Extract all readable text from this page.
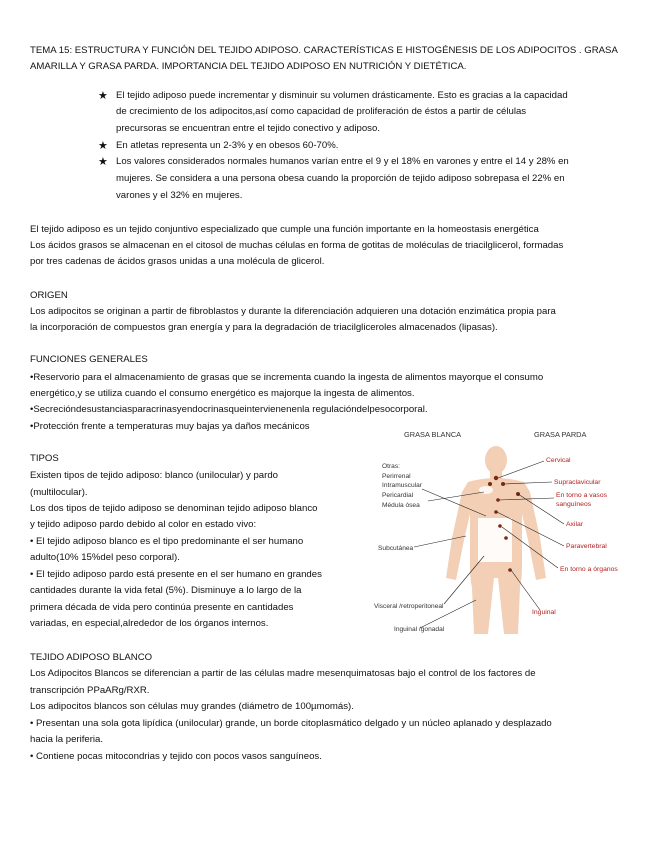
TEMA 15: ESTRUCTURA Y FUNCIÓN DEL TEJIDO ADIPOSO. CARACTERÍSTICAS E HISTOGÉNESIS DE LOS ADIPOCITOS . GRASA
AMARILLA Y GRASA PARDA. IMPORTANCIA DEL TEJIDO ADIPOSO EN NUTRICIÓN Y DIETÉTICA.
★ El tejido adiposo puede incrementar y disminuir su volumen drásticamente. Esto es gracias a la capacidad
de crecimiento de los adipocitos,así como capacidad de proliferación de éstos a partir de células
precursoras se encuentran entre el tejido conectivo y adiposo.
★ En atletas representa un 2-3% y en obesos 60-70%.
★ Los valores considerados normales humanos varían entre el 9 y el 18% en varones y entre el 14 y 28% en
mujeres. Se considera a una persona obesa cuando la proporción de tejido adiposo sobrepasa el 22% en
varones y el 32% en mujeres.
El tejido adiposo es un tejido conjuntivo especializado que cumple una función importante en la homeostasis energética
Los ácidos grasos se almacenan en el citosol de muchas células en forma de gotitas de moléculas de triacilglicerol, formadas
por tres cadenas de ácidos grasos unidas a una molécula de glicerol.
ORIGEN
Los adipocitos se originan a partir de fibroblastos y durante la diferenciación adquieren una dotación enzimática propia para
la incorporación de compuestos gran energía y para la degradación de triacilgliceroles almacenados (lipasas).
FUNCIONES GENERALES
•Reservorio para el almacenamiento de grasas que se incrementa cuando la ingesta de alimentos mayorque el consumo
energético,y se utiliza cuando el consumo energético es majorque la ingesta de alimentos.
•Secrecióndesustanciasparacrinasyendocrinasqueintervienenenla regulacióndelpesocorporal.
•Protección frente a temperaturas muy bajas ya daños mecánicos
TIPOS
Existen tipos de tejido adiposo: blanco (unilocular) y pardo
(multilocular).
Los dos tipos de tejido adiposo se denominan tejido adiposo blanco
y tejido adiposo pardo debido al color en estado vivo:
• El tejido adiposo blanco es el tipo predominante el ser humano
adulto(10% 15%del peso corporal).
• El tejido adiposo pardo está presente en el ser humano en grandes
cantidades durante la vida fetal (5%). Disminuye a lo largo de la
primera década de vida pero continúa presente en cantidades
variadas, en especial,alrededor de los órganos internos.
TEJIDO ADIPOSO BLANCO
Los Adipocitos Blancos se diferencian a partir de las células madre mesenquimatosas bajo el control de los factores de
transcripción PPaARg/RXR.
Los adipocitos blancos son células muy grandes (diámetro de 100µmomás).
• Presentan una sola gota lipídica (unilocular) grande, un borde citoplasmático delgado y un núcleo aplanado y desplazado
hacia la periferia.
• Contiene pocas mitocondrias y tejido con pocos vasos sanguíneos.
GRASA BLANCA	GRASA PARDA
Otras:
Perirrenal
Intramuscular
Pericardial
Médula ósea
Subcutánea
Visceral /retroperitoneal
Inguinal /gonadal
Cervical
Supraclavicular
En torno a vasos
sanguíneos
Axilar
Paravertebral
En torno a órganos
Inguinal
